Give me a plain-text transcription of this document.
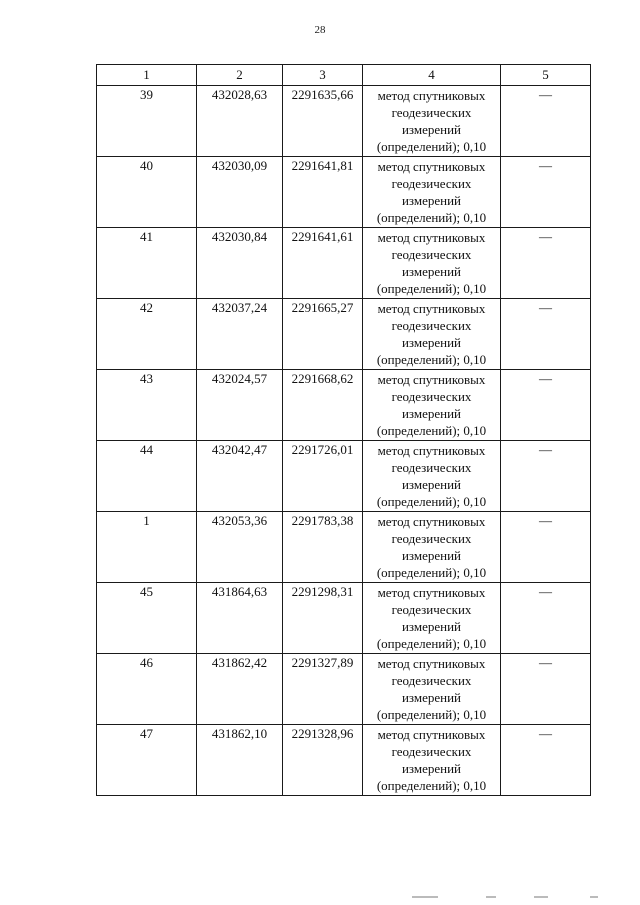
28
1	2	3	4	5
39	432028,63	2291635,66	метод спутниковых
геодезических
измерений
(определений); 0,10	—
40	432030,09	2291641,81	метод спутниковых
геодезических
измерений
(определений); 0,10	—
41	432030,84	2291641,61	метод спутниковых
геодезических
измерений
(определений); 0,10	—
42	432037,24	2291665,27	метод спутниковых
геодезических
измерений
(определений); 0,10	—
43	432024,57	2291668,62	метод спутниковых
геодезических
измерений
(определений); 0,10	—
44	432042,47	2291726,01	метод спутниковых
геодезических
измерений
(определений); 0,10	—
1	432053,36	2291783,38	метод спутниковых
геодезических
измерений
(определений); 0,10	—
45	431864,63	2291298,31	метод спутниковых
геодезических
измерений
(определений); 0,10	—
46	431862,42	2291327,89	метод спутниковых
геодезических
измерений
(определений); 0,10	—
47	431862,10	2291328,96	метод спутниковых
геодезических
измерений
(определений); 0,10	—
